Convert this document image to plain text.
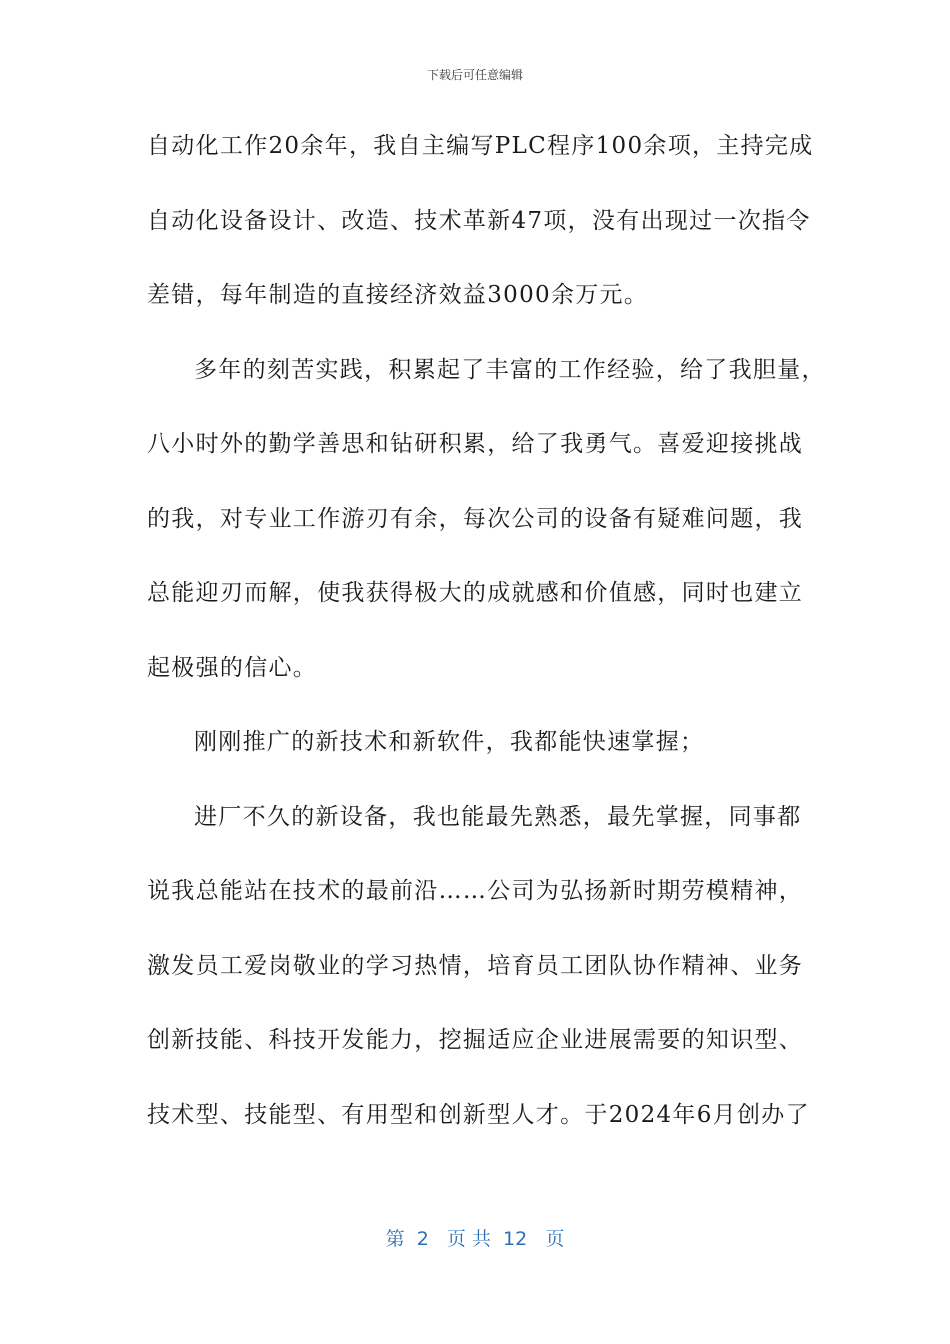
下载后可任意编辑
自动化工作20余年，我自主编写PLC程序100余项，主持完成
自动化设备设计、改造、技术革新47项，没有出现过一次指令
差错，每年制造的直接经济效益3000余万元。
多年的刻苦实践，积累起了丰富的工作经验，给了我胆量，
八小时外的勤学善思和钻研积累，给了我勇气。喜爱迎接挑战
的我，对专业工作游刃有余，每次公司的设备有疑难问题，我
总能迎刃而解，使我获得极大的成就感和价值感，同时也建立
起极强的信心。
刚刚推广的新技术和新软件，我都能快速掌握；
进厂不久的新设备，我也能最先熟悉，最先掌握，同事都
说我总能站在技术的最前沿……公司为弘扬新时期劳模精神，
激发员工爱岗敬业的学习热情，培育员工团队协作精神、业务
创新技能、科技开发能力，挖掘适应企业进展需要的知识型、
技术型、技能型、有用型和创新型人才。于2024年6月创办了
第  2   页 共  12   页
